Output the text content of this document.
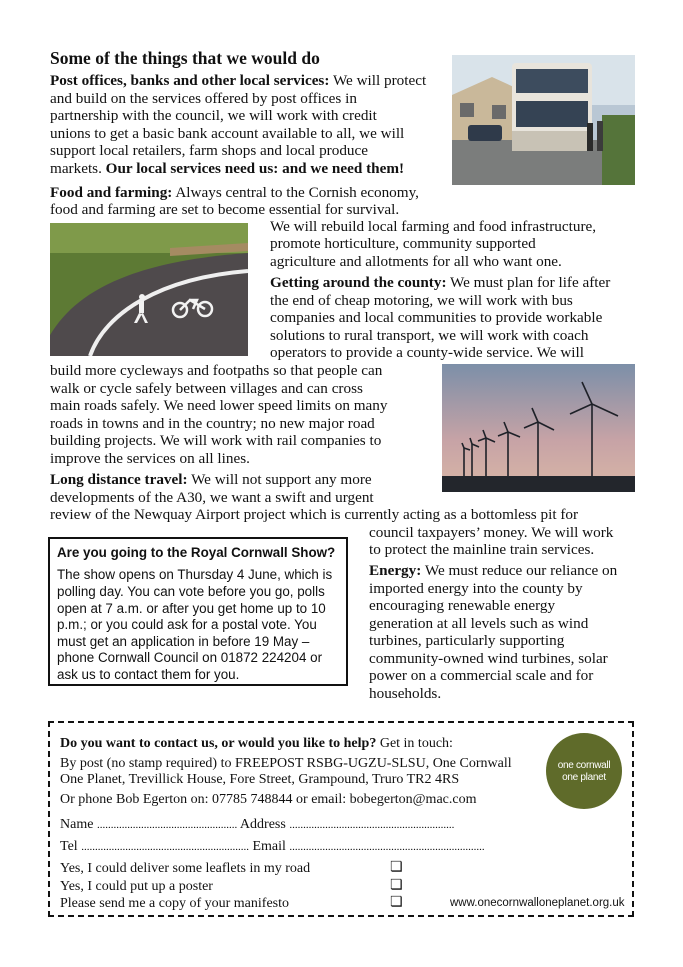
Some of the things that we would do
Post offices, banks and other local services: We will protect
and build on the services offered by post offices in
partnership with the council, we will work with credit
unions to get a basic bank account available to all, we will
support local retailers, farm shops and local produce
markets. Our local services need us: and we need them!
Food and farming: Always central to the Cornish economy,
food and farming are set to become essential for survival.
We will rebuild local farming and food infrastructure,
promote horticulture, community supported
agriculture and allotments for all who want one.
Getting around the county: We must plan for life after
the end of cheap motoring, we will work with bus
companies and local communities to provide workable
solutions to rural transport, we will work with coach
operators to provide a county-wide service. We will
build more cycleways and footpaths so that people can
walk or cycle safely between villages and can cross
main roads safely. We need lower speed limits on many
roads in towns and in the country; no new major road
building projects. We will work with rail companies to
improve the services on all lines.
Long distance travel: We will not support any more
developments of the A30, we want a swift and urgent
review of the Newquay Airport project which is currently acting as a bottomless pit for
council taxpayers’ money. We will work
to protect the mainline train services.
Are you going to the Royal Cornwall Show?
The show opens on Thursday 4 June, which is
polling day. You can vote before you go, polls
open at 7 a.m. or after you get home up to 10
p.m.; or you could ask for a postal vote. You
must get an application in before 19 May –
phone Cornwall Council on 01872 224204 or
ask us to contact them for you.
Energy: We must reduce our reliance on
imported energy into the county by
encouraging renewable energy
generation at all levels such as wind
turbines, particularly supporting
community-owned wind turbines, solar
power on a commercial scale and for
households.
Do you want to contact us, or would you like to help? Get in touch:
By post (no stamp required) to FREEPOST RSBG-UGZU-SLSU, One Cornwall
One Planet, Trevillick House, Fore Street, Grampound, Truro TR2 4RS
Or phone Bob Egerton on: 07785 748844 or email: bobegerton@mac.com
one cornwall
one planet
Name ................................................... Address ............................................................
Tel ............................................................. Email .......................................................................
Yes, I could deliver some leaflets in my road
Yes, I could put up a poster
Please send me a copy of your manifesto
❏
❏
❏	www.onecornwalloneplanet.org.uk
